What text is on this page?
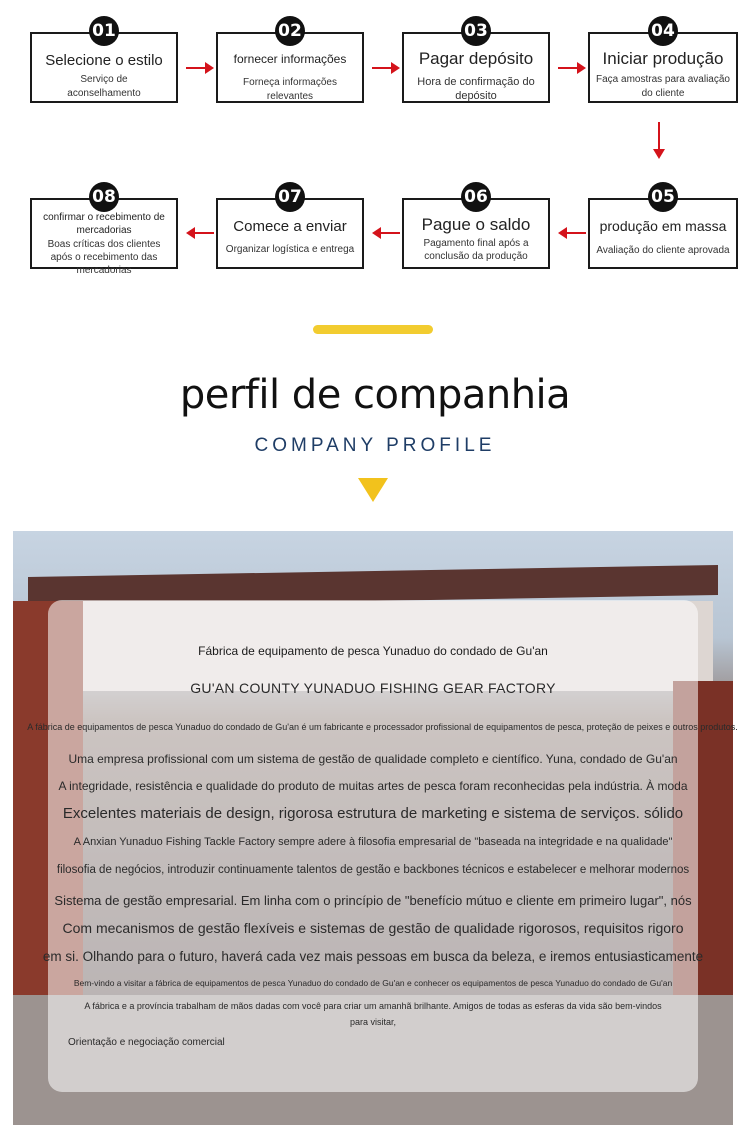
01
Selecione o estilo
Serviço de
aconselhamento
02
fornecer informações
Forneça informações relevantes
03
Pagar depósito
Hora de confirmação do depósito
04
Iniciar produção
Faça amostras para avaliação do cliente
08
confirmar o recebimento de mercadorias
Boas críticas dos clientes após o recebimento das mercadorias
07
Comece a enviar
Organizar logística e entrega
06
Pague o saldo
Pagamento final após a conclusão da produção
05
produção em massa
Avaliação do cliente aprovada
perfil de companhia
COMPANY PROFILE
Fábrica de equipamento de pesca Yunaduo do condado de Gu'an
GU'AN COUNTY YUNADUO FISHING GEAR FACTORY
A fábrica de equipamentos de pesca Yunaduo do condado de Gu'an é um fabricante e processador profissional de equipamentos de pesca, proteção de peixes e outros produtos.
Uma empresa profissional com um sistema de gestão de qualidade completo e científico. Yuna, condado de Gu'an
A integridade, resistência e qualidade do produto de muitas artes de pesca foram reconhecidas pela indústria. À moda
Excelentes materiais de design, rigorosa estrutura de marketing e sistema de serviços. sólido
A Anxian Yunaduo Fishing Tackle Factory sempre adere à filosofia empresarial de "baseada na integridade e na qualidade"
filosofia de negócios, introduzir continuamente talentos de gestão e backbones técnicos e estabelecer e melhorar modernos
Sistema de gestão empresarial. Em linha com o princípio de "benefício mútuo e cliente em primeiro lugar", nós
Com mecanismos de gestão flexíveis e sistemas de gestão de qualidade rigorosos, requisitos rigoro
em si. Olhando para o futuro, haverá cada vez mais pessoas em busca da beleza, e iremos entusiasticamente
Bem-vindo a visitar a fábrica de equipamentos de pesca Yunaduo do condado de Gu'an e conhecer os equipamentos de pesca Yunaduo do condado de Gu'an
A fábrica e a província trabalham de mãos dadas com você para criar um amanhã brilhante. Amigos de todas as esferas da vida são bem-vindos
para visitar,
Orientação e negociação comercial
